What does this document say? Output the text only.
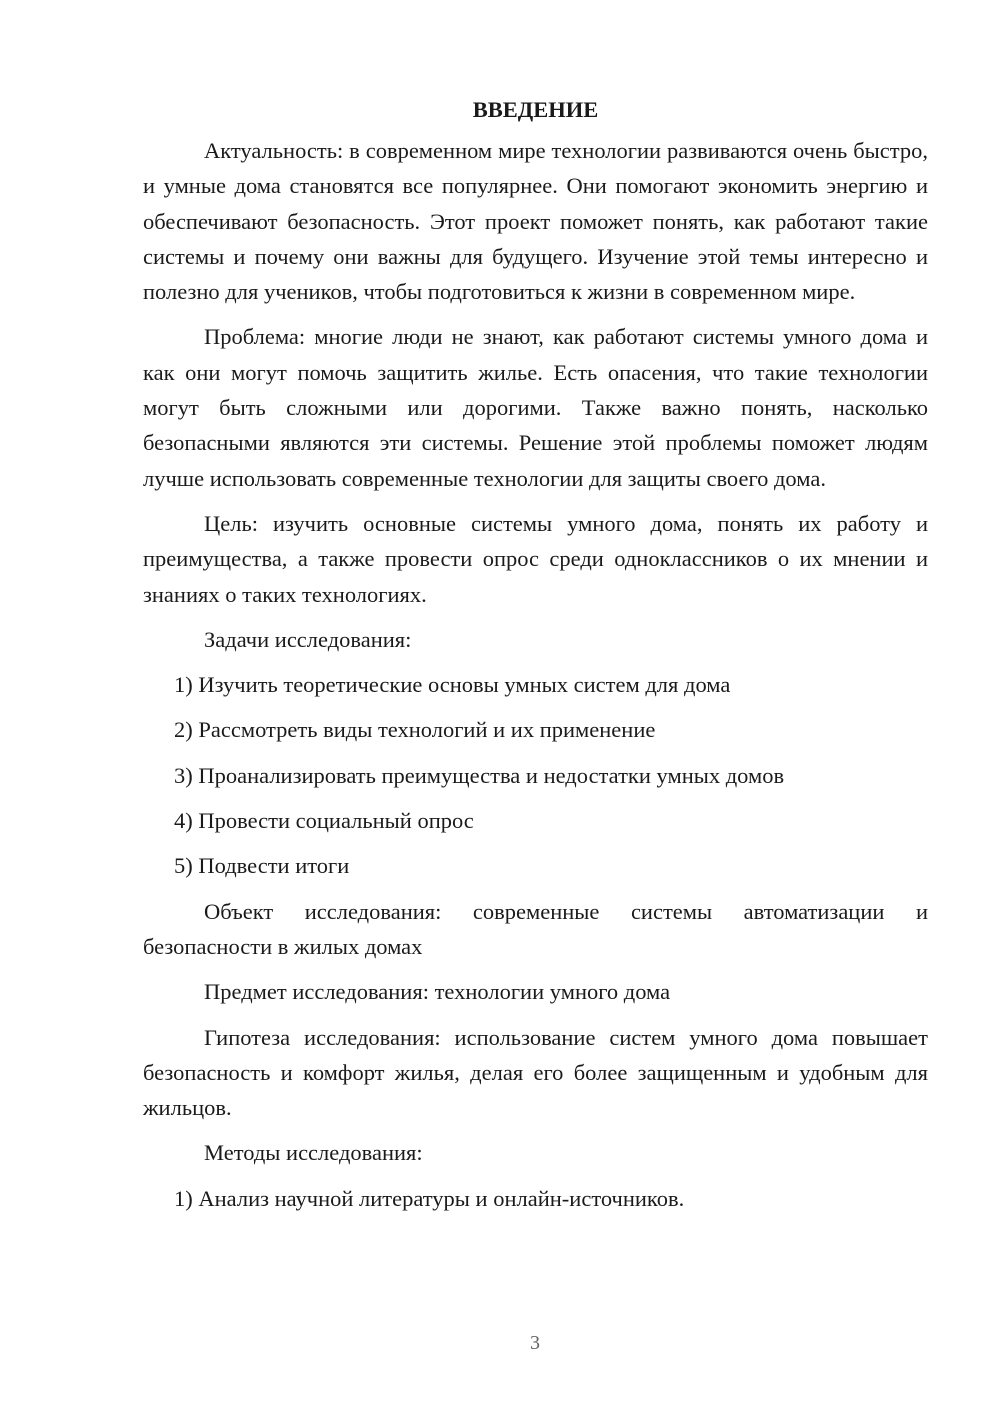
ВВЕДЕНИЕ

Актуальность: в современном мире технологии развиваются очень быстро, и умные дома становятся все популярнее. Они помогают экономить энергию и обеспечивают безопасность. Этот проект поможет понять, как работают такие системы и почему они важны для будущего. Изучение этой темы интересно и полезно для учеников, чтобы подготовиться к жизни в современном мире.

Проблема: многие люди не знают, как работают системы умного дома и как они могут помочь защитить жилье. Есть опасения, что такие технологии могут быть сложными или дорогими. Также важно понять, насколько безопасными являются эти системы. Решение этой проблемы поможет людям лучше использовать современные технологии для защиты своего дома.

Цель: изучить основные системы умного дома, понять их работу и преимущества, а также провести опрос среди одноклассников о их мнении и знаниях о таких технологиях.

Задачи исследования:

1) Изучить теоретические основы умных систем для дома

2) Рассмотреть виды технологий и их применение

3) Проанализировать преимущества и недостатки умных домов

4) Провести социальный опрос

5) Подвести итоги

Объект исследования: современные системы автоматизации и безопасности в жилых домах

Предмет исследования: технологии умного дома

Гипотеза исследования: использование систем умного дома повышает безопасность и комфорт жилья, делая его более защищенным и удобным для жильцов.

Методы исследования:

1) Анализ научной литературы и онлайн-источников.

3
